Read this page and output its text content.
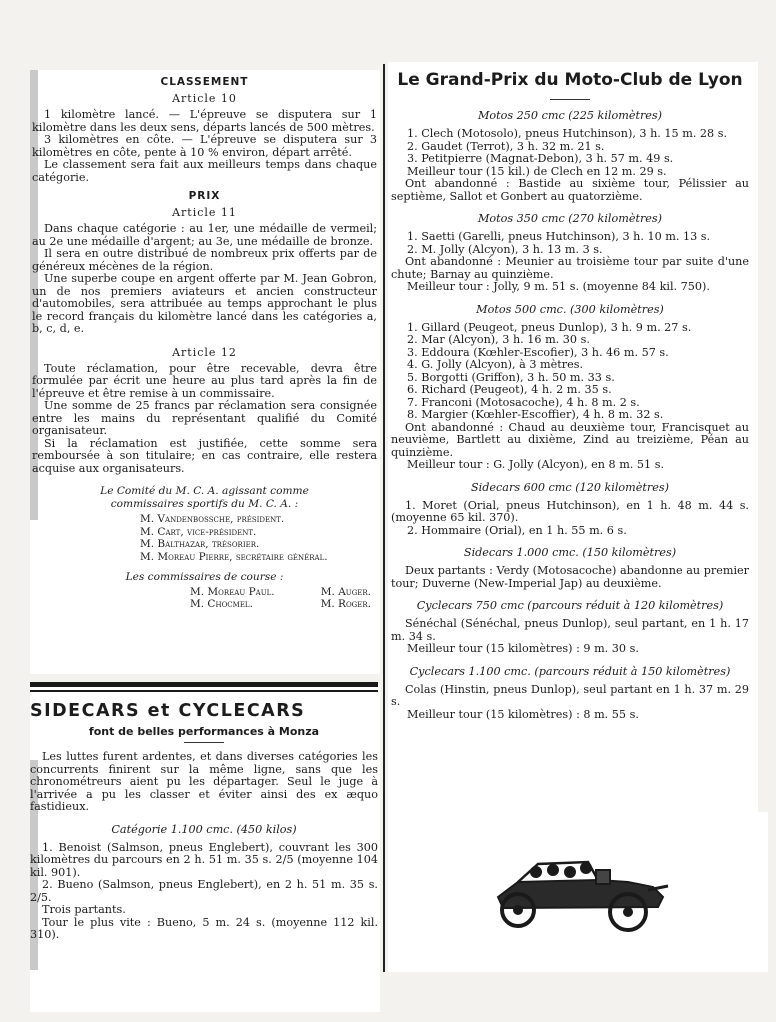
CLASSEMENT
Article 10

1 kilomètre lancé. — L'épreuve se disputera sur 1 kilomètre dans les deux sens, départs lancés de 500 mètres.

3 kilomètres en côte. — L'épreuve se disputera sur 3 kilomètres en côte, pente à 10 % environ, départ arrêté.

Le classement sera fait aux meilleurs temps dans chaque catégorie.

PRIX
Article 11

Dans chaque catégorie : au 1er, une médaille de vermeil; au 2e une médaille d'argent; au 3e, une médaille de bronze.

Il sera en outre distribué de nombreux prix offerts par de généreux mécènes de la région.

Une superbe coupe en argent offerte par M. Jean Gobron, un de nos premiers aviateurs et ancien constructeur d'automobiles, sera attribuée au temps approchant le plus le record français du kilomètre lancé dans les catégories a, b, c, d, e.

Article 12

Toute réclamation, pour être recevable, devra être formulée par écrit une heure au plus tard après la fin de l'épreuve et être remise à un commissaire.

Une somme de 25 francs par réclamation sera consignée entre les mains du représentant qualifié du Comité organisateur.

Si la réclamation est justifiée, cette somme sera remboursée à son titulaire; en cas contraire, elle restera acquise aux organisateurs.

Le Comité du M. C. A. agissant comme
commissaires sportifs du M. C. A. :
M. Vandenbossche, président.
M. Cart, vice-président.
M. Balthazar, trésorier.
M. Moreau Pierre, secrétaire général.
Les commissaires de course :
M. Moreau Paul.	M. Auger.
M. Chocmel.	M. Roger.
SIDECARS et CYCLECARS
font de belles performances à Monza

Les luttes furent ardentes, et dans diverses catégories les concurrents finirent sur la même ligne, sans que les chronométreurs aient pu les départager. Seul le juge à l'arrivée a pu les classer et éviter ainsi des ex æquo fastidieux.

Catégorie 1.100 cmc. (450 kilos)

1. Benoist (Salmson, pneus Englebert), couvrant les 300 kilomètres du parcours en 2 h. 51 m. 35 s. 2/5 (moyenne 104 kil. 901).

2. Bueno (Salmson, pneus Englebert), en 2 h. 51 m. 35 s. 2/5.

Trois partants.

Tour le plus vite : Bueno, 5 m. 24 s. (moyenne 112 kil. 310).

Le Grand-Prix du Moto-Club de Lyon
Motos 250 cmc (225 kilomètres)
1. Clech (Motosolo), pneus Hutchinson), 3 h. 15 m. 28 s.
2. Gaudet (Terrot), 3 h. 32 m. 21 s.
3. Petitpierre (Magnat-Debon), 3 h. 57 m. 49 s.
Meilleur tour (15 kil.) de Clech en 12 m. 29 s.
Ont abandonné : Bastide au sixième tour, Pélissier au septième, Sallot et Gonbert au quatorzième.
Motos 350 cmc (270 kilomètres)
1. Saetti (Garelli, pneus Hutchinson), 3 h. 10 m. 13 s.
2. M. Jolly (Alcyon), 3 h. 13 m. 3 s.
Ont abandonné : Meunier au troisième tour par suite d'une chute; Barnay au quinzième.
Meilleur tour : Jolly, 9 m. 51 s. (moyenne 84 kil. 750).
Motos 500 cmc. (300 kilomètres)
1. Gillard (Peugeot, pneus Dunlop), 3 h. 9 m. 27 s.
2. Mar (Alcyon), 3 h. 16 m. 30 s.
3. Eddoura (Kœhler-Escofier), 3 h. 46 m. 57 s.
4. G. Jolly (Alcyon), à 3 mètres.
5. Borgotti (Griffon), 3 h. 50 m. 33 s.
6. Richard (Peugeot), 4 h. 2 m. 35 s.
7. Franconi (Motosacoche), 4 h. 8 m. 2 s.
8. Margier (Kœhler-Escoffier), 4 h. 8 m. 32 s.
Ont abandonné : Chaud au deuxième tour, Francisquet au neuvième, Bartlett au dixième, Zind au treizième, Péan au quinzième.
Meilleur tour : G. Jolly (Alcyon), en 8 m. 51 s.
Sidecars 600 cmc (120 kilomètres)
1. Moret (Orial, pneus Hutchinson), en 1 h. 48 m. 44 s. (moyenne 65 kil. 370).
2. Hommaire (Orial), en 1 h. 55 m. 6 s.
Sidecars 1.000 cmc. (150 kilomètres)
Deux partants : Verdy (Motosacoche) abandonne au premier tour; Duverne (New-Imperial Jap) au deuxième.
Cyclecars 750 cmc (parcours réduit à 120 kilomètres)
Sénéchal (Sénéchal, pneus Dunlop), seul partant, en 1 h. 17 m. 34 s.
Meilleur tour (15 kilomètres) : 9 m. 30 s.
Cyclecars 1.100 cmc. (parcours réduit à 150 kilomètres)
Colas (Hinstin, pneus Dunlop), seul partant en 1 h. 37 m. 29 s.
Meilleur tour (15 kilomètres) : 8 m. 55 s.
